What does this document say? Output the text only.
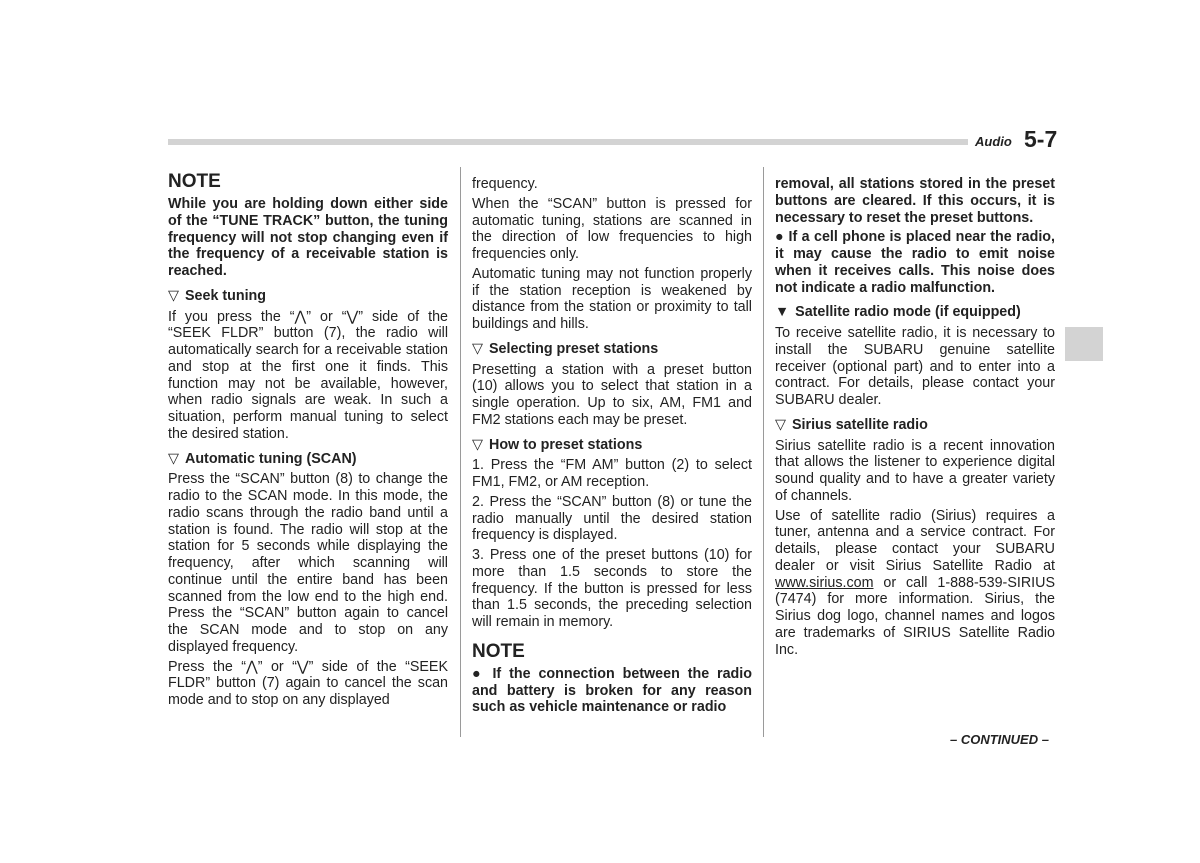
Audio 5-7
NOTE

While you are holding down either side of the “TUNE TRACK” button, the tuning frequency will not stop changing even if the frequency of a receivable station is reached.

▽ Seek tuning

If you press the “⋀” or “⋁” side of the “SEEK FLDR” button (7), the radio will automatically search for a receivable station and stop at the first one it finds. This function may not be available, however, when radio signals are weak. In such a situation, perform manual tuning to select the desired station.

▽ Automatic tuning (SCAN)

Press the “SCAN” button (8) to change the radio to the SCAN mode. In this mode, the radio scans through the radio band until a station is found. The radio will stop at the station for 5 seconds while displaying the frequency, after which scanning will continue until the entire band has been scanned from the low end to the high end. Press the “SCAN” button again to cancel the SCAN mode and to stop on any displayed frequency.

Press the “⋀” or “⋁” side of the “SEEK FLDR” button (7) again to cancel the scan mode and to stop on any displayed

frequency.

When the “SCAN” button is pressed for automatic tuning, stations are scanned in the direction of low frequencies to high frequencies only.

Automatic tuning may not function properly if the station reception is weakened by distance from the station or proximity to tall buildings and hills.

▽ Selecting preset stations

Presetting a station with a preset button (10) allows you to select that station in a single operation. Up to six, AM, FM1 and FM2 stations each may be preset.

▽ How to preset stations

1. Press the “FM AM” button (2) to select FM1, FM2, or AM reception.

2. Press the “SCAN” button (8) or tune the radio manually until the desired station frequency is displayed.

3. Press one of the preset buttons (10) for more than 1.5 seconds to store the frequency. If the button is pressed for less than 1.5 seconds, the preceding selection will remain in memory.

NOTE

● If the connection between the radio and battery is broken for any reason such as vehicle maintenance or radio

removal, all stations stored in the preset buttons are cleared. If this occurs, it is necessary to reset the preset buttons.

● If a cell phone is placed near the radio, it may cause the radio to emit noise when it receives calls. This noise does not indicate a radio malfunction.

▼ Satellite radio mode (if equipped)

To receive satellite radio, it is necessary to install the SUBARU genuine satellite receiver (optional part) and to enter into a contract. For details, please contact your SUBARU dealer.

▽ Sirius satellite radio

Sirius satellite radio is a recent innovation that allows the listener to experience digital sound quality and to have a greater variety of channels.

Use of satellite radio (Sirius) requires a tuner, antenna and a service contract. For details, please contact your SUBARU dealer or visit Sirius Satellite Radio at www.sirius.com or call 1-888-539-SIRIUS (7474) for more information. Sirius, the Sirius dog logo, channel names and logos are trademarks of SIRIUS Satellite Radio Inc.

– CONTINUED –
